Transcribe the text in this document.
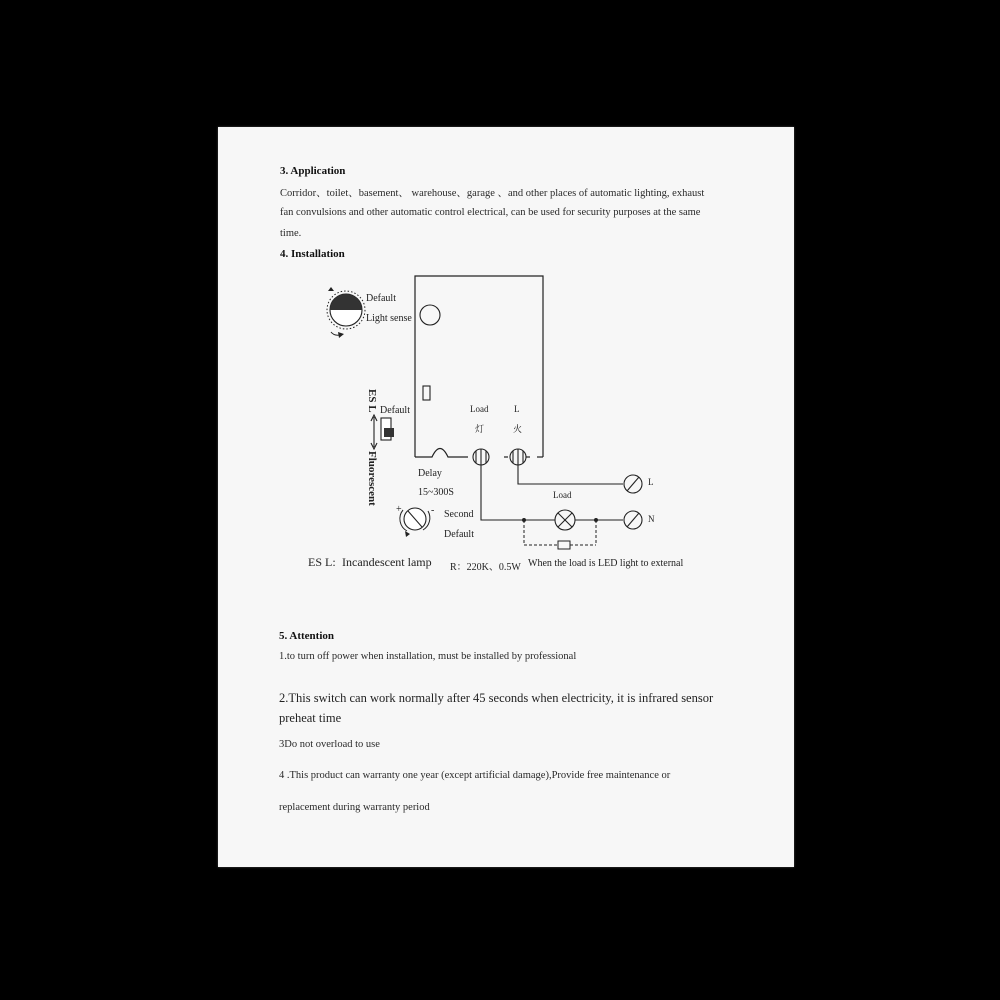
3. Application
Corridor、toilet、basement、 warehouse、garage 、and other places of automatic lighting, exhaust
fan convulsions and other automatic control electrical, can be used for security purposes at the same
time.
4. Installation
Default
Light sense
ES L Default
Fluorescent
Load
灯
L
火
Delay
15~300S
+	- Second
Default
L
N
Load
ES L: Incandescent lamp R：220K、0.5W When the load is LED light to external
5. Attention
1.to turn off power when installation, must be installed by professional
2.This switch can work normally after 45 seconds when electricity, it is infrared sensor
preheat time
3Do not overload to use
4 .This product can warranty one year (except artificial damage),Provide free maintenance or
replacement during warranty period
